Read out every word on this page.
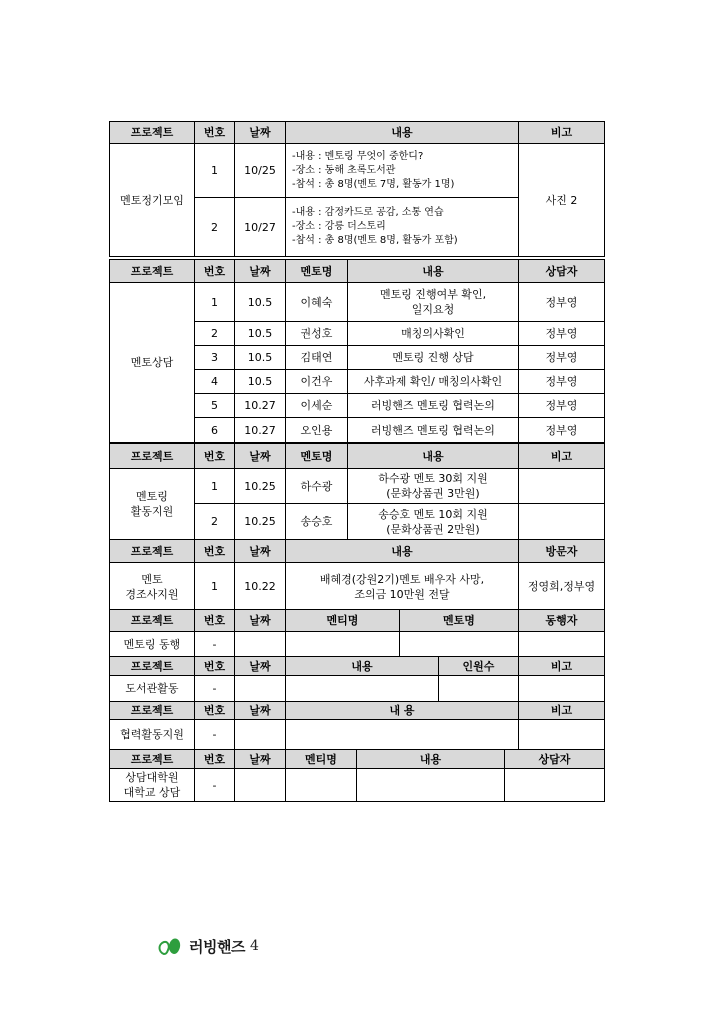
프로젝트	번호	날짜	내용	비고
멘토정기모임	1	10/25	-내용 : 멘토링 무엇이 중한디?
-장소 : 동해 초록도서관
-참석 : 총 8명(멘토 7명, 활동가 1명)	사진 2
	2	10/27	-내용 : 감정카드로 공감, 소통 연습
-장소 : 강릉 더스토리
-참석 : 총 8명(멘토 8명, 활동가 포함)	
프로젝트	번호	날짜	멘토명	내용	상담자
멘토상담	1	10.5	이혜숙	멘토링 진행여부 확인,
일지요청	정부영
	2	10.5	권성호	매칭의사확인	정부영
	3	10.5	김태연	멘토링 진행 상담	정부영
	4	10.5	이건우	사후과제 확인/ 매칭의사확인	정부영
	5	10.27	이세순	러빙핸즈 멘토링 협력논의	정부영
	6	10.27	오인용	러빙핸즈 멘토링 협력논의	정부영
프로젝트	번호	날짜	멘토명	내용	비고
멘토링
활동지원	1	10.25	하수광	하수광 멘토 30회 지원
(문화상품권 3만원)	
	2	10.25	송승호	송승호 멘토 10회 지원
(문화상품권 2만원)	
프로젝트	번호	날짜	내용	방문자
멘토
경조사지원	1	10.22	배혜경(강원2기)멘토 배우자 사망,
조의금 10만원 전달	정영희,정부영
프로젝트	번호	날짜	멘티명	멘토명	동행자
멘토링 동행	-				
프로젝트	번호	날짜	내용	인원수	비고
도서관활동	-				
프로젝트	번호	날짜	내 용	비고
협력활동지원	-			
프로젝트	번호	날짜	멘티명	내용	상담자
상담대학원
대학교 상담	-				
러빙핸즈 4
